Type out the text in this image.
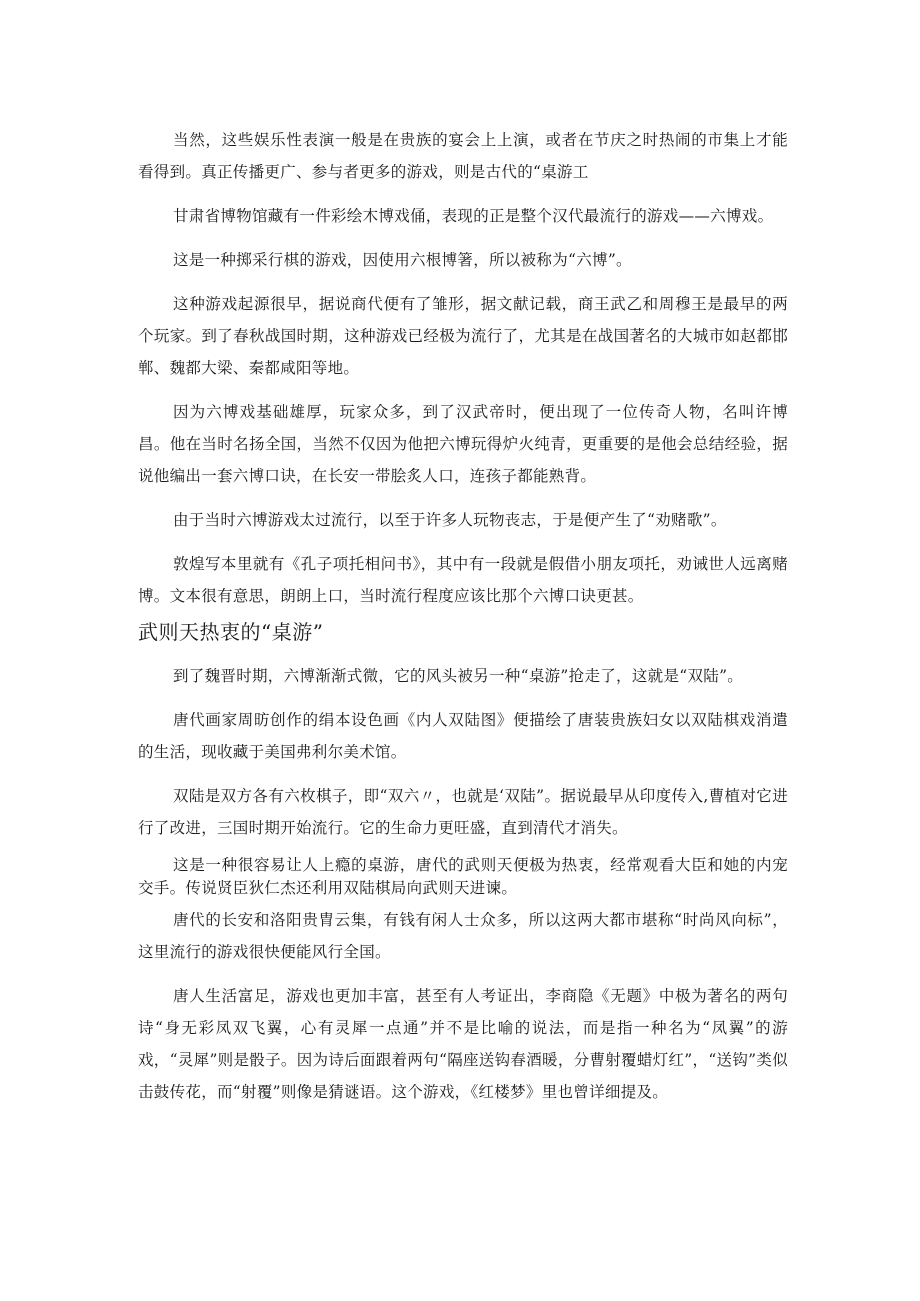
当然，这些娱乐性表演一般是在贵族的宴会上上演，或者在节庆之时热闹的市集上才能看得到。真正传播更广、参与者更多的游戏，则是古代的“桌游工

甘肃省博物馆藏有一件彩绘木博戏俑，表现的正是整个汉代最流行的游戏——六博戏。

这是一种掷采行棋的游戏，因使用六根博箸，所以被称为“六博”。

这种游戏起源很早，据说商代便有了雏形，据文献记载，商王武乙和周穆王是最早的两个玩家。到了春秋战国时期，这种游戏已经极为流行了，尤其是在战国著名的大城市如赵都邯郸、魏都大梁、秦都咸阳等地。

因为六博戏基础雄厚，玩家众多，到了汉武帝时，便出现了一位传奇人物，名叫许博昌。他在当时名扬全国，当然不仅因为他把六博玩得炉火纯青，更重要的是他会总结经验，据说他编出一套六博口诀，在长安一带脍炙人口，连孩子都能熟背。

由于当时六博游戏太过流行，以至于许多人玩物丧志，于是便产生了“劝赌歌”。

敦煌写本里就有《孔子项托相问书》，其中有一段就是假借小朋友项托，劝诫世人远离赌博。文本很有意思，朗朗上口，当时流行程度应该比那个六博口诀更甚。

武则天热衷的“桌游”

到了魏晋时期，六博渐渐式微，它的风头被另一种“桌游”抢走了，这就是“双陆”。

唐代画家周昉创作的绢本设色画《内人双陆图》便描绘了唐装贵族妇女以双陆棋戏消遣的生活，现收藏于美国弗利尔美术馆。

双陆是双方各有六枚棋子，即“双六〃，也就是‘双陆”。据说最早从印度传入,曹植对它进行了改进，三国时期开始流行。它的生命力更旺盛，直到清代才消失。

这是一种很容易让人上瘾的桌游，唐代的武则天便极为热衷，经常观看大臣和她的内宠交手。传说贤臣狄仁杰还利用双陆棋局向武则天进谏。

唐代的长安和洛阳贵胄云集，有钱有闲人士众多，所以这两大都市堪称“时尚风向标”，这里流行的游戏很快便能风行全国。

唐人生活富足，游戏也更加丰富，甚至有人考证出，李商隐《无题》中极为著名的两句诗“身无彩凤双飞翼，心有灵犀一点通”并不是比喻的说法，而是指一种名为“凤翼”的游戏，“灵犀”则是骰子。因为诗后面跟着两句“隔座送钩春酒暖，分曹射覆蜡灯红”，“送钩”类似击鼓传花，而“射覆”则像是猜谜语。这个游戏，《红楼梦》里也曾详细提及。
